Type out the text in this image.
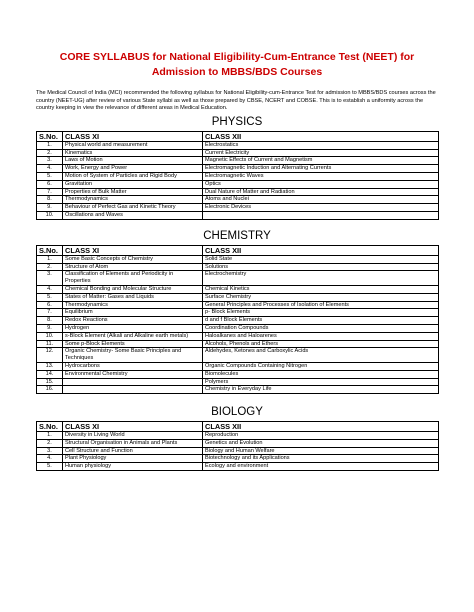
CORE SYLLABUS for National Eligibility-Cum-Entrance Test (NEET) for
Admission to MBBS/BDS Courses

The Medical Council of India (MCI) recommended the following syllabus for National Eligibility-cum-Entrance Test for admission to MBBS/BDS courses across the country (NEET-UG) after review of various State syllabi as well as those prepared by CBSE, NCERT and COBSE. This is to establish a uniformity across the country keeping in view the relevance of different areas in Medical Education.

PHYSICS
S.No.	CLASS XI	CLASS XII
1.	Physical world and measurement	Electrostatics
2.	Kinematics	Current Electricity
3.	Laws of Motion	Magnetic Effects of Current and Magnetism
4.	Work, Energy and Power	Electromagnetic Induction and Alternating Currents
5.	Motion of System of Particles and Rigid Body	Electromagnetic Waves
6.	Gravitation	Optics
7.	Properties of Bulk Matter	Dual Nature of Matter and Radiation
8.	Thermodynamics	Atoms and Nuclei
9.	Behaviour of Perfect Gas and Kinetic Theory	Electronic Devices
10.	Oscillations and Waves	
CHEMISTRY
S.No.	CLASS XI	CLASS XII
1.	Some Basic Concepts of Chemistry	Solid State
2.	Structure of Atom	Solutions
3.	Classification of Elements and Periodicity in Properties	Electrochemistry
4.	Chemical Bonding and Molecular Structure	Chemical Kinetics
5.	States of Matter: Gases and Liquids	Surface Chemistry
6.	Thermodynamics	General Principles and Processes of Isolation of Elements
7.	Equilibrium	p- Block Elements
8.	Redox Reactions	d and f Block Elements
9.	Hydrogen	Coordination Compounds
10.	s-Block Element (Alkali and Alkaline earth metals)	Haloalkanes and Haloarenes
11.	Some p-Block Elements	Alcohols, Phenols and Ethers
12.	Organic Chemistry- Some Basic Principles and Techniques	Aldehydes, Ketones and Carboxylic Acids
13.	Hydrocarbons	Organic Compounds Containing Nitrogen
14.	Environmental Chemistry	Biomolecules
15.		Polymers
16.		Chemistry in Everyday Life
BIOLOGY
S.No.	CLASS XI	CLASS XII
1.	Diversity in Living World	Reproduction
2.	Structural Organisation in Animals and Plants	Genetics and Evolution
3.	Cell Structure and Function	Biology and Human Welfare
4.	Plant Physiology	Biotechnology and its Applications
5.	Human physiology	Ecology and environment
